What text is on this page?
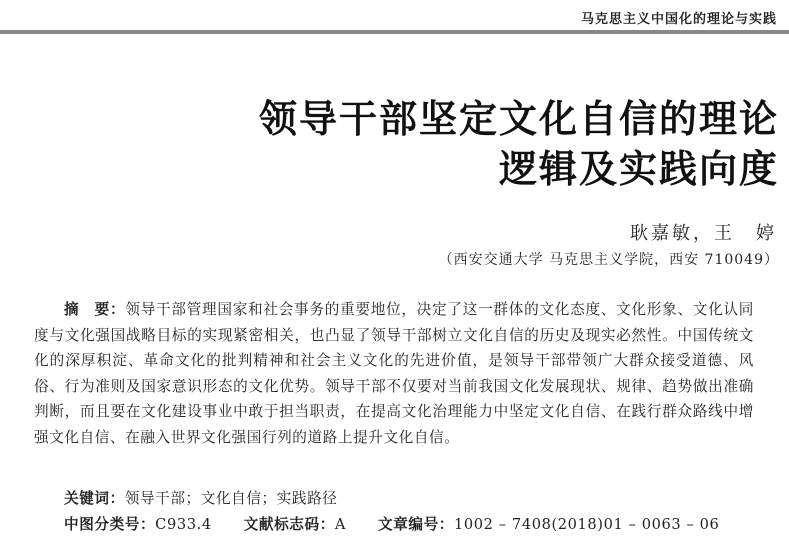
马克思主义中国化的理论与实践
领导干部坚定文化自信的理论
逻辑及实践向度
耿嘉敏，王　婷
（西安交通大学 马克思主义学院，西安 710049）

摘　要：领导干部管理国家和社会事务的重要地位，决定了这一群体的文化态度、文化形象、文化认同度与文化强国战略目标的实现紧密相关，也凸显了领导干部树立文化自信的历史及现实必然性。中国传统文化的深厚积淀、革命文化的批判精神和社会主义文化的先进价值，是领导干部带领广大群众接受道德、风俗、行为准则及国家意识形态的文化优势。领导干部不仅要对当前我国文化发展现状、规律、趋势做出准确判断，而且要在文化建设事业中敢于担当职责，在提高文化治理能力中坚定文化自信、在践行群众路线中增强文化自信、在融入世界文化强国行列的道路上提升文化自信。

关键词：领导干部；文化自信；实践路径
中图分类号：C933.4 文献标志码：A 文章编号：1002 – 7408(2018)01 – 0063 – 06
